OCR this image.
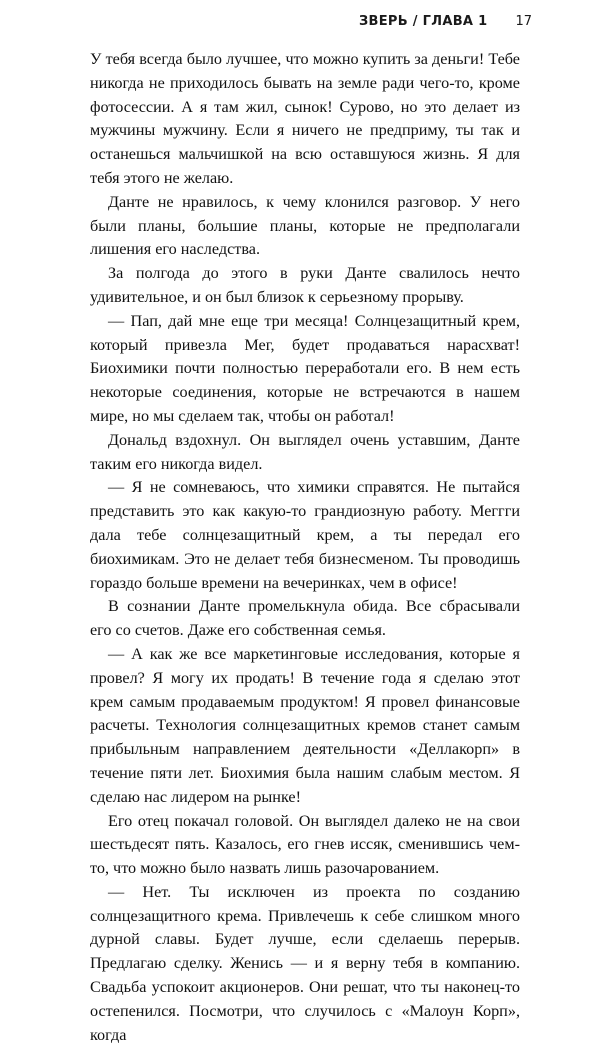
ЗВЕРЬ / ГЛАВА 1 17

У тебя всегда было лучшее, что можно купить за деньги! Тебе никогда не приходилось бывать на земле ради чего-то, кроме фотосессии. А я там жил, сынок! Сурово, но это делает из мужчины мужчину. Если я ничего не предприму, ты так и останешься мальчишкой на всю оставшуюся жизнь. Я для тебя этого не желаю.

Данте не нравилось, к чему клонился разговор. У него были планы, большие планы, которые не предполагали лишения его наследства.

За полгода до этого в руки Данте свалилось нечто удивительное, и он был близок к серьезному прорыву.

— Пап, дай мне еще три месяца! Солнцезащитный крем, который привезла Мег, будет продаваться нарасхват! Биохимики почти полностью переработали его. В нем есть некоторые соединения, которые не встречаются в нашем мире, но мы сделаем так, чтобы он работал!

Дональд вздохнул. Он выглядел очень уставшим, Данте таким его никогда видел.

— Я не сомневаюсь, что химики справятся. Не пытайся представить это как какую-то грандиозную работу. Меггги дала тебе солнцезащитный крем, а ты передал его биохимикам. Это не делает тебя бизнесменом. Ты проводишь гораздо больше времени на вечеринках, чем в офисе!

В сознании Данте промелькнула обида. Все сбрасывали его со счетов. Даже его собственная семья.

— А как же все маркетинговые исследования, которые я провел? Я могу их продать! В течение года я сделаю этот крем самым продаваемым продуктом! Я провел финансовые расчеты. Технология солнцезащитных кремов станет самым прибыльным направлением деятельности «Деллакорп» в течение пяти лет. Биохимия была нашим слабым местом. Я сделаю нас лидером на рынке!

Его отец покачал головой. Он выглядел далеко не на свои шестьдесят пять. Казалось, его гнев иссяк, сменившись чем-то, что можно было назвать лишь разочарованием.

— Нет. Ты исключен из проекта по созданию солнцезащитного крема. Привлечешь к себе слишком много дурной славы. Будет лучше, если сделаешь перерыв. Предлагаю сделку. Женись — и я верну тебя в компанию. Свадьба успокоит акционеров. Они решат, что ты наконец-то остепенился. Посмотри, что случилось с «Малоун Корп», когда
